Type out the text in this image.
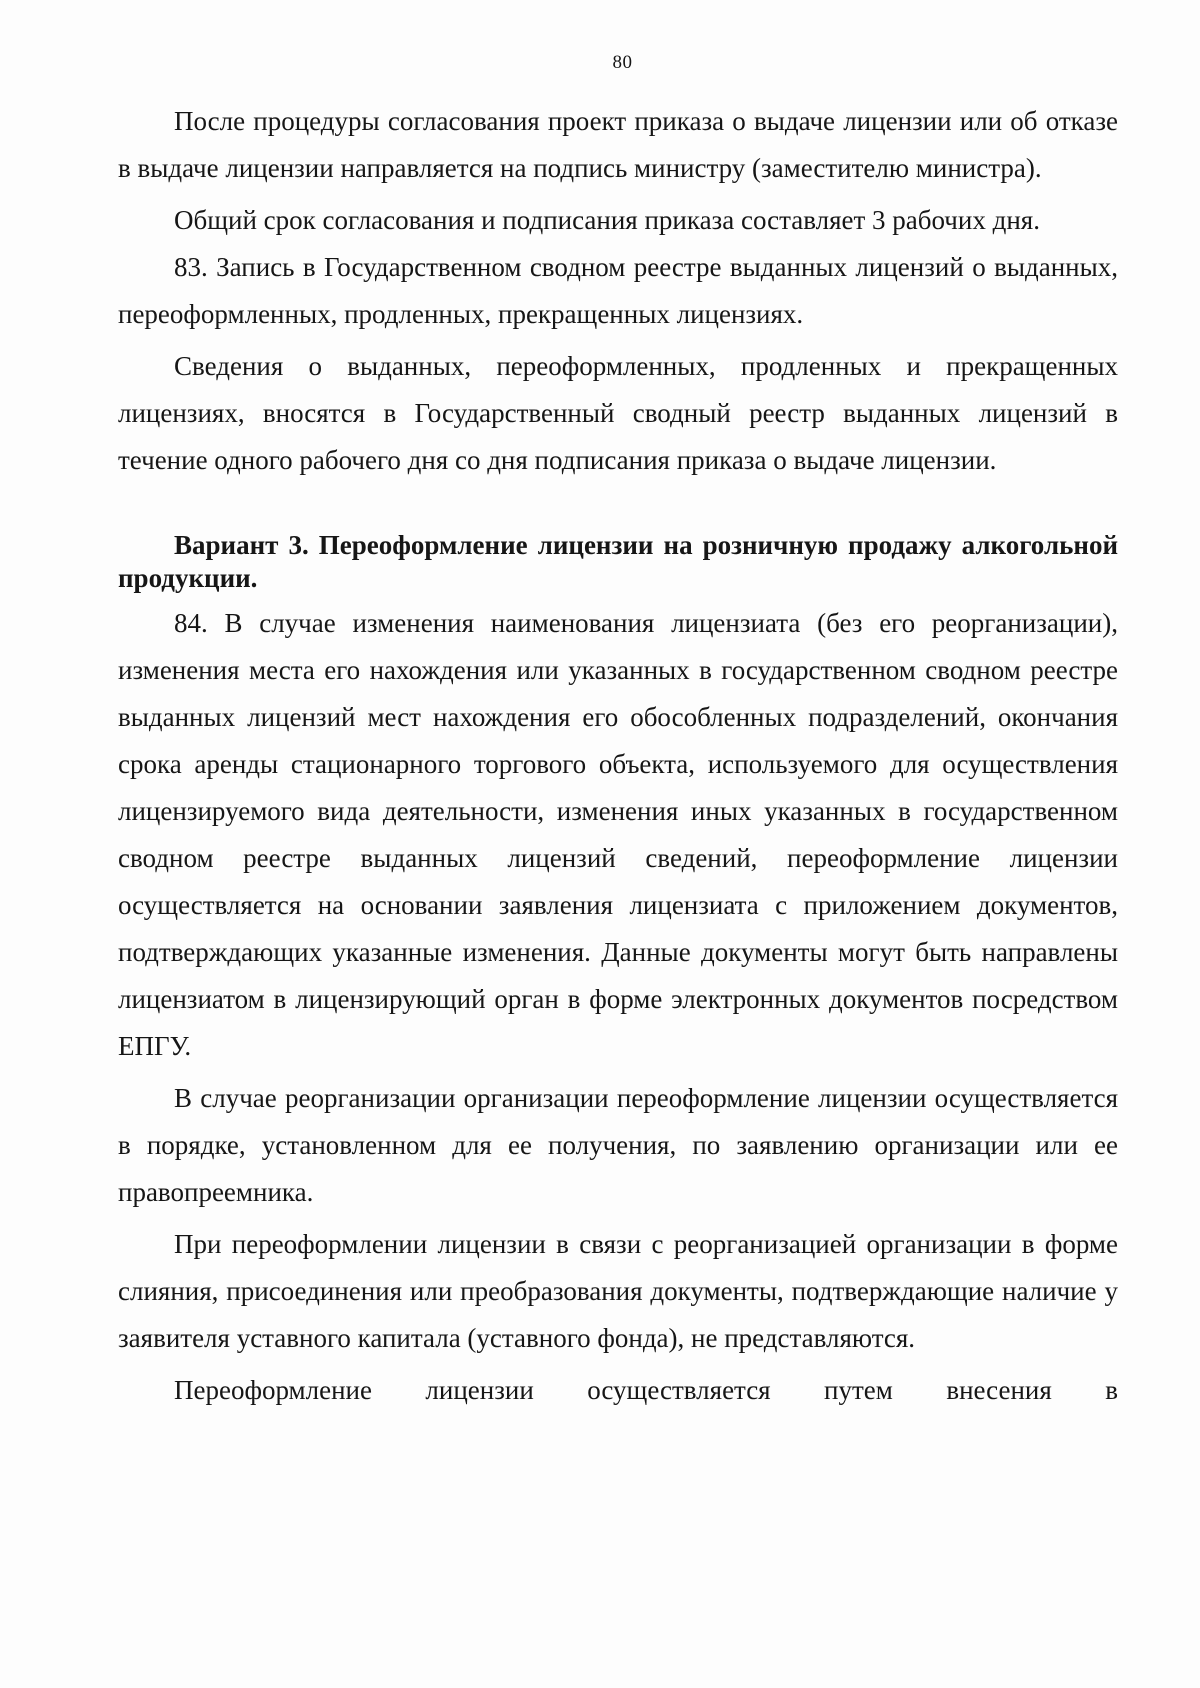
80

После процедуры согласования проект приказа о выдаче лицензии или об отказе в выдаче лицензии направляется на подпись министру (заместителю министра).

Общий срок согласования и подписания приказа составляет 3 рабочих дня.

83. Запись в Государственном сводном реестре выданных лицензий о выданных, переоформленных, продленных, прекращенных лицензиях.

Сведения о выданных, переоформленных, продленных и прекращенных лицензиях, вносятся в Государственный сводный реестр выданных лицензий в течение одного рабочего дня со дня подписания приказа о выдаче лицензии.

Вариант 3. Переоформление лицензии на розничную продажу алкогольной продукции.

84. В случае изменения наименования лицензиата (без его реорганизации), изменения места его нахождения или указанных в государственном сводном реестре выданных лицензий мест нахождения его обособленных подразделений, окончания срока аренды стационарного торгового объекта, используемого для осуществления лицензируемого вида деятельности, изменения иных указанных в государственном сводном реестре выданных лицензий сведений, переоформление лицензии осуществляется на основании заявления лицензиата с приложением документов, подтверждающих указанные изменения. Данные документы могут быть направлены лицензиатом в лицензирующий орган в форме электронных документов посредством ЕПГУ.

В случае реорганизации организации переоформление лицензии осуществляется в порядке, установленном для ее получения, по заявлению организации или ее правопреемника.

При переоформлении лицензии в связи с реорганизацией организации в форме слияния, присоединения или преобразования документы, подтверждающие наличие у заявителя уставного капитала (уставного фонда), не представляются.

Переоформление лицензии осуществляется путем внесения в
